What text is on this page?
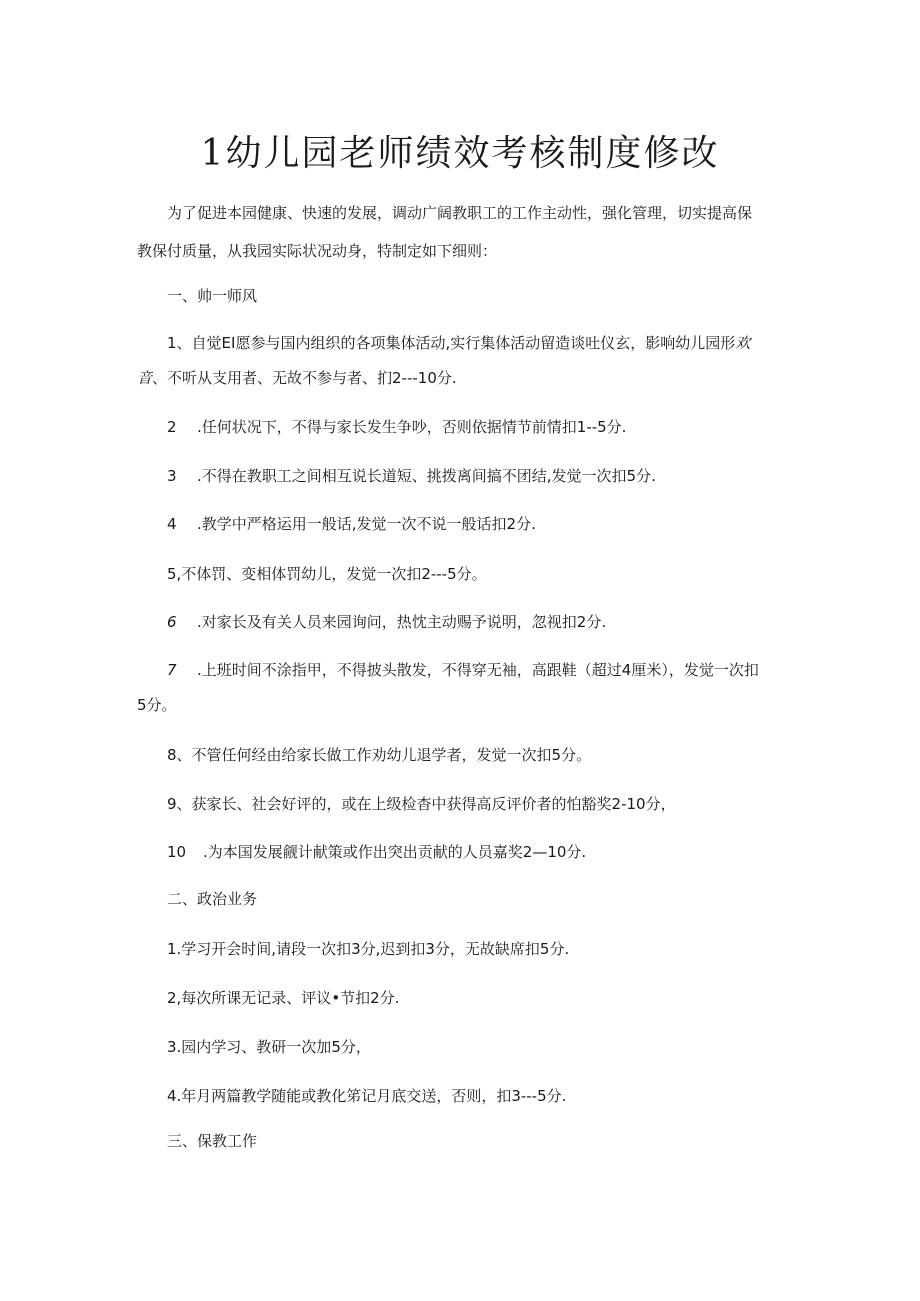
1幼儿园老师绩效考核制度修改

为了促进本园健康、快速的发展，调动广阔教职工的工作主动性，强化管理，切实提高保

教保付质量，从我园实际状况动身，特制定如下细则：

一、帅一师风

1、自觉EI愿参与国内组织的各项集体活动,实行集体活动留造谈吐仪玄，影响幼儿园形欢

音、不听从支用者、无故不参与者、扪2---10分.

2 .任何状况下，不得与家长发生争吵，否则依据情节前情扣1--5分.

3 .不得在教职工之间相互说长道短、挑拨离间搞不团结,发觉一次扣5分.

4 .教学中严格运用一般话,发觉一次不说一般话扣2分.

5,不体罚、变相体罚幼儿，发觉一次扣2---5分。

6 .对家长及有关人员来园询问，热忱主动赐予说明，忽视扣2分.

7 .上班时间不涂指甲，不得披头散发，不得穿无袖，高跟鞋（超过4厘米），发觉一次扣

5分。

8、不管任何经由给家长做工作劝幼儿退学者，发觉一次扣5分。

9、获家长、社会好评的，或在上级检杳中获得高反评价者的怕豁奖2-10分，

10 .为本国发展觎计献策或作出突出贡献的人员嘉奖2—10分.

二、政治业务

1.学习开会时间,请段一次扣3分,迟到扣3分，无故缺席扣5分.

2,每次所课无记录、评议•节扣2分.

3.园内学习、教研一次加5分，

4.年月两篇教学随能或教化笫记月底交送，否则，扣3---5分.

三、保教工作
